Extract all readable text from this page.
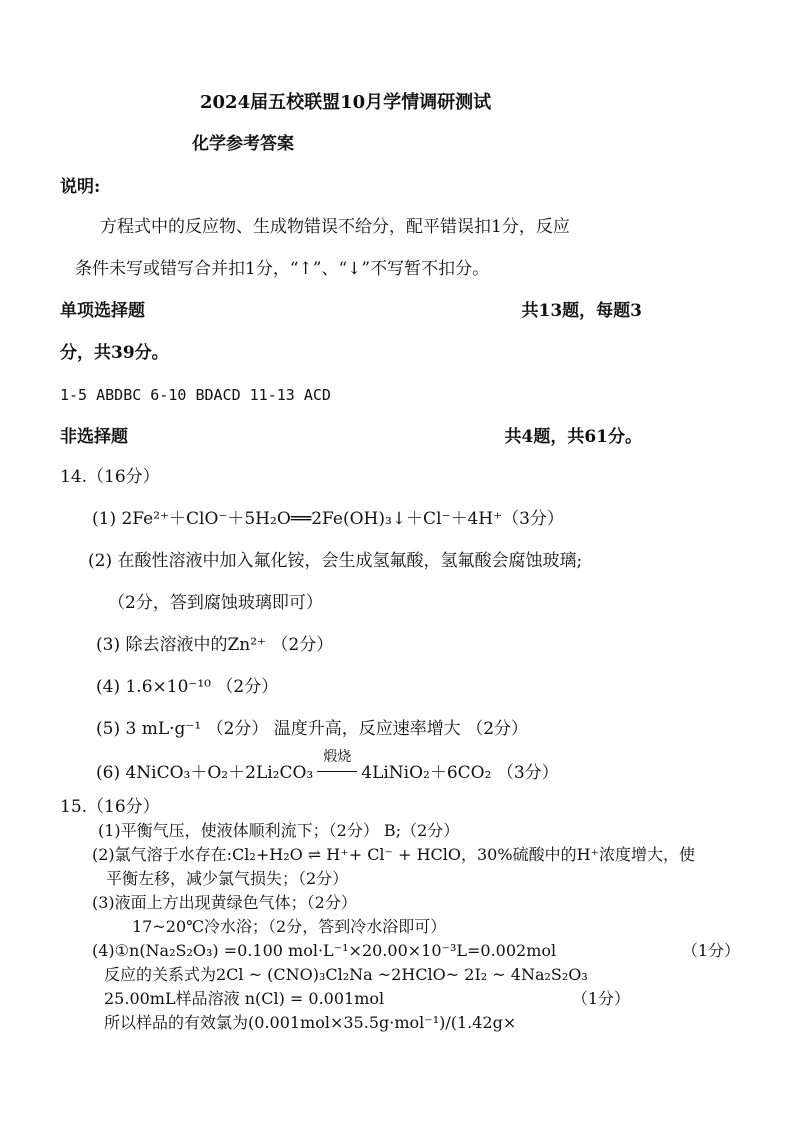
2024届五校联盟10月学情调研测试
化学参考答案
说明:
方程式中的反应物、生成物错误不给分，配平错误扣1分，反应
条件未写或错写合并扣1分，“↑”、“↓”不写暂不扣分。
单项选择题	共13题，每题3
分，共39分。
1-5 ABDBC 6-10 BDACD 11-13 ACD
非选择题	共4题，共61分。
14.（16分）
(1) 2Fe²⁺＋ClO⁻＋5H₂O══2Fe(OH)₃↓＋Cl⁻＋4H⁺（3分）
(2) 在酸性溶液中加入氟化铵，会生成氢氟酸，氢氟酸会腐蚀玻璃;
（2分，答到腐蚀玻璃即可）
(3) 除去溶液中的Zn²⁺ （2分）
(4) 1.6×10⁻¹⁰ （2分）
(5) 3 mL·g⁻¹ （2分） 温度升高，反应速率增大 （2分）
(6) 4NiCO₃＋O₂＋2Li₂CO₃
煅烧
4LiNiO₂＋6CO₂ （3分）
15.（16分）
(1)平衡气压，使液体顺利流下；（2分） B;（2分）
(2)氯气溶于水存在:Cl₂+H₂O ⇌ H⁺+ Cl⁻ + HClO，30%硫酸中的H⁺浓度增大，使
平衡左移，减少氯气损失；（2分）
(3)液面上方出现黄绿色气体；（2分）
17~20℃冷水浴；（2分，答到冷水浴即可）
(4)①n(Na₂S₂O₃) =0.100 mol·L⁻¹×20.00×10⁻³L=0.002mol	（1分）
反应的关系式为2Cl ~ (CNO)₃Cl₂Na ~2HClO~ 2I₂ ~ 4Na₂S₂O₃
25.00mL样品溶液 n(Cl) = 0.001mol	（1分）
所以样品的有效氯为(0.001mol×35.5g·mol⁻¹)/(1.42g×
